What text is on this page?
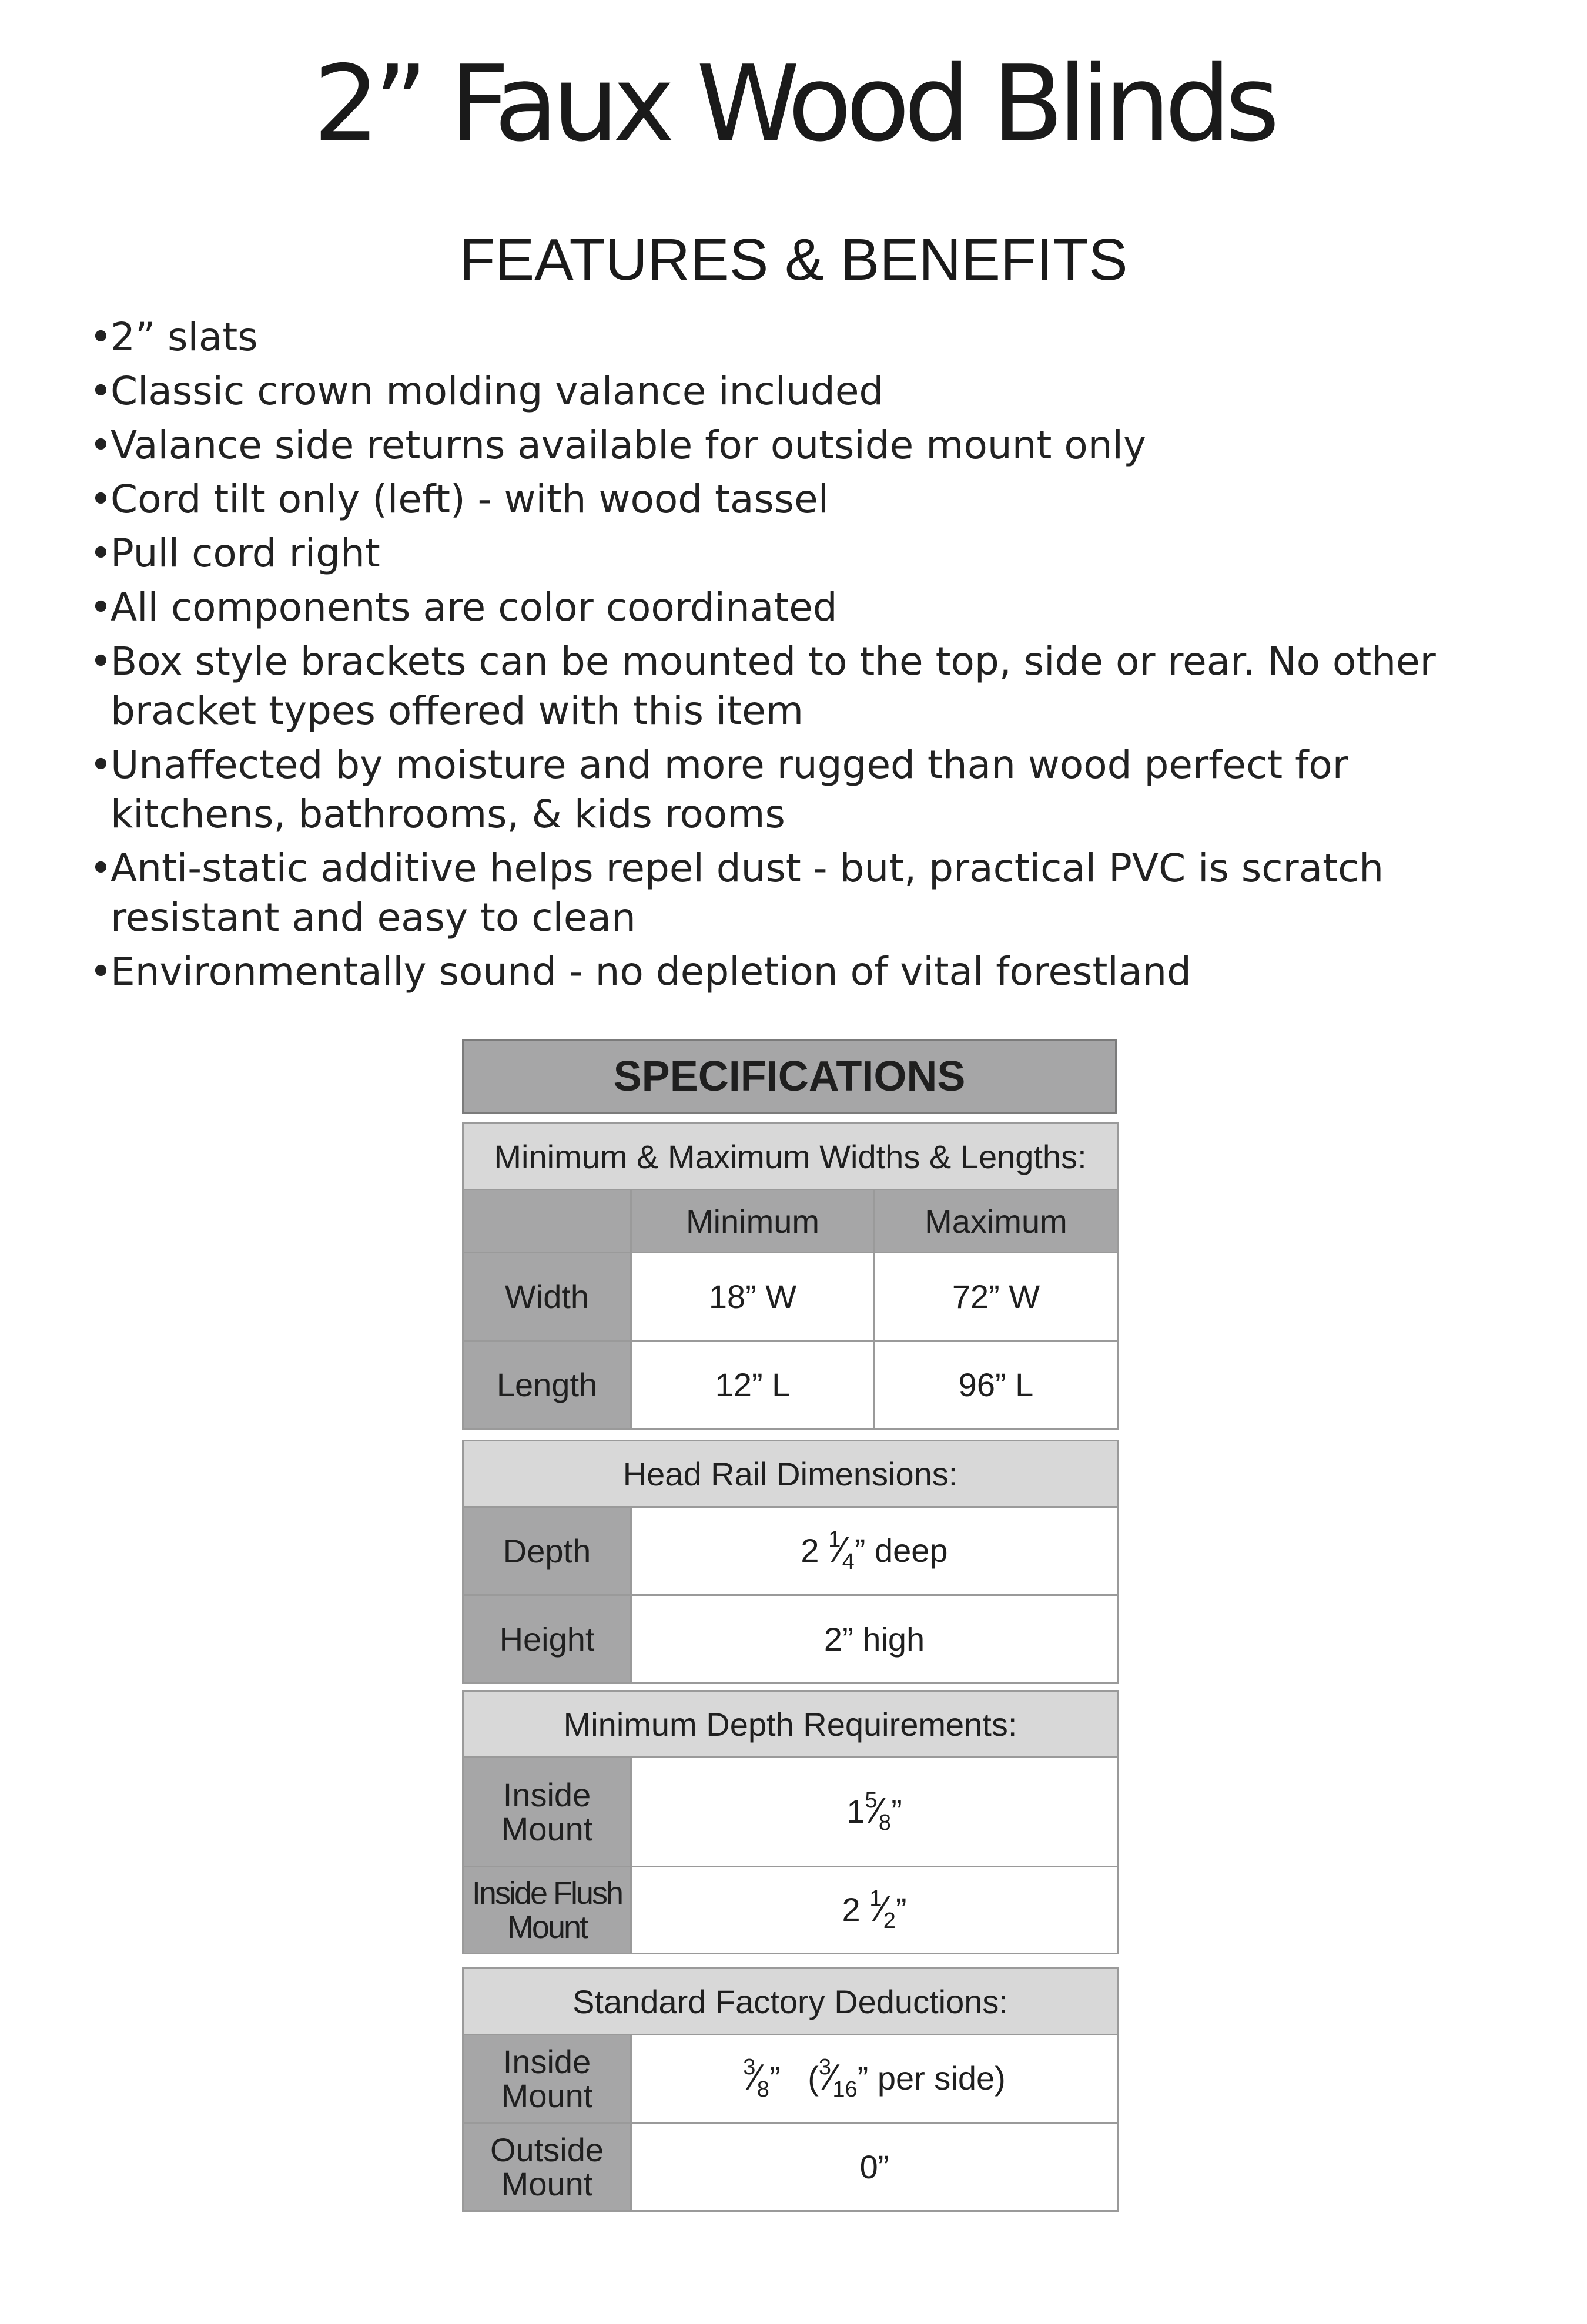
2” Faux Wood Blinds
FEATURES & BENEFITS
•2” slats
•Classic crown molding valance included
•Valance side returns available for outside mount only
•Cord tilt only (left) - with wood tassel
•Pull cord right
•All components are color coordinated
•Box style brackets can be mounted to the top, side or rear. No other bracket types offered with this item
•Unaffected by moisture and more rugged than wood perfect for kitchens, bathrooms, & kids rooms
•Anti-static additive helps repel dust - but, practical PVC is scratch resistant and easy to clean
•Environmentally sound - no depletion of vital forestland
SPECIFICATIONS
Minimum & Maximum Widths & Lengths:		
	Minimum	Maximum
Width	18” W	72” W
Length	12” L	96” L
Head Rail Dimensions:	
Depth	2 $^1⁄_4$” deep
Height	2” high
Minimum Depth Requirements:	
Inside
Mount	$1^5⁄_8$”
Inside Flush
Mount	2 $^1⁄_2$”
Standard Factory Deductions:	
Inside
Mount	$^3⁄_8$” ($^3⁄_{16}$” per side)
Outside
Mount	0”
